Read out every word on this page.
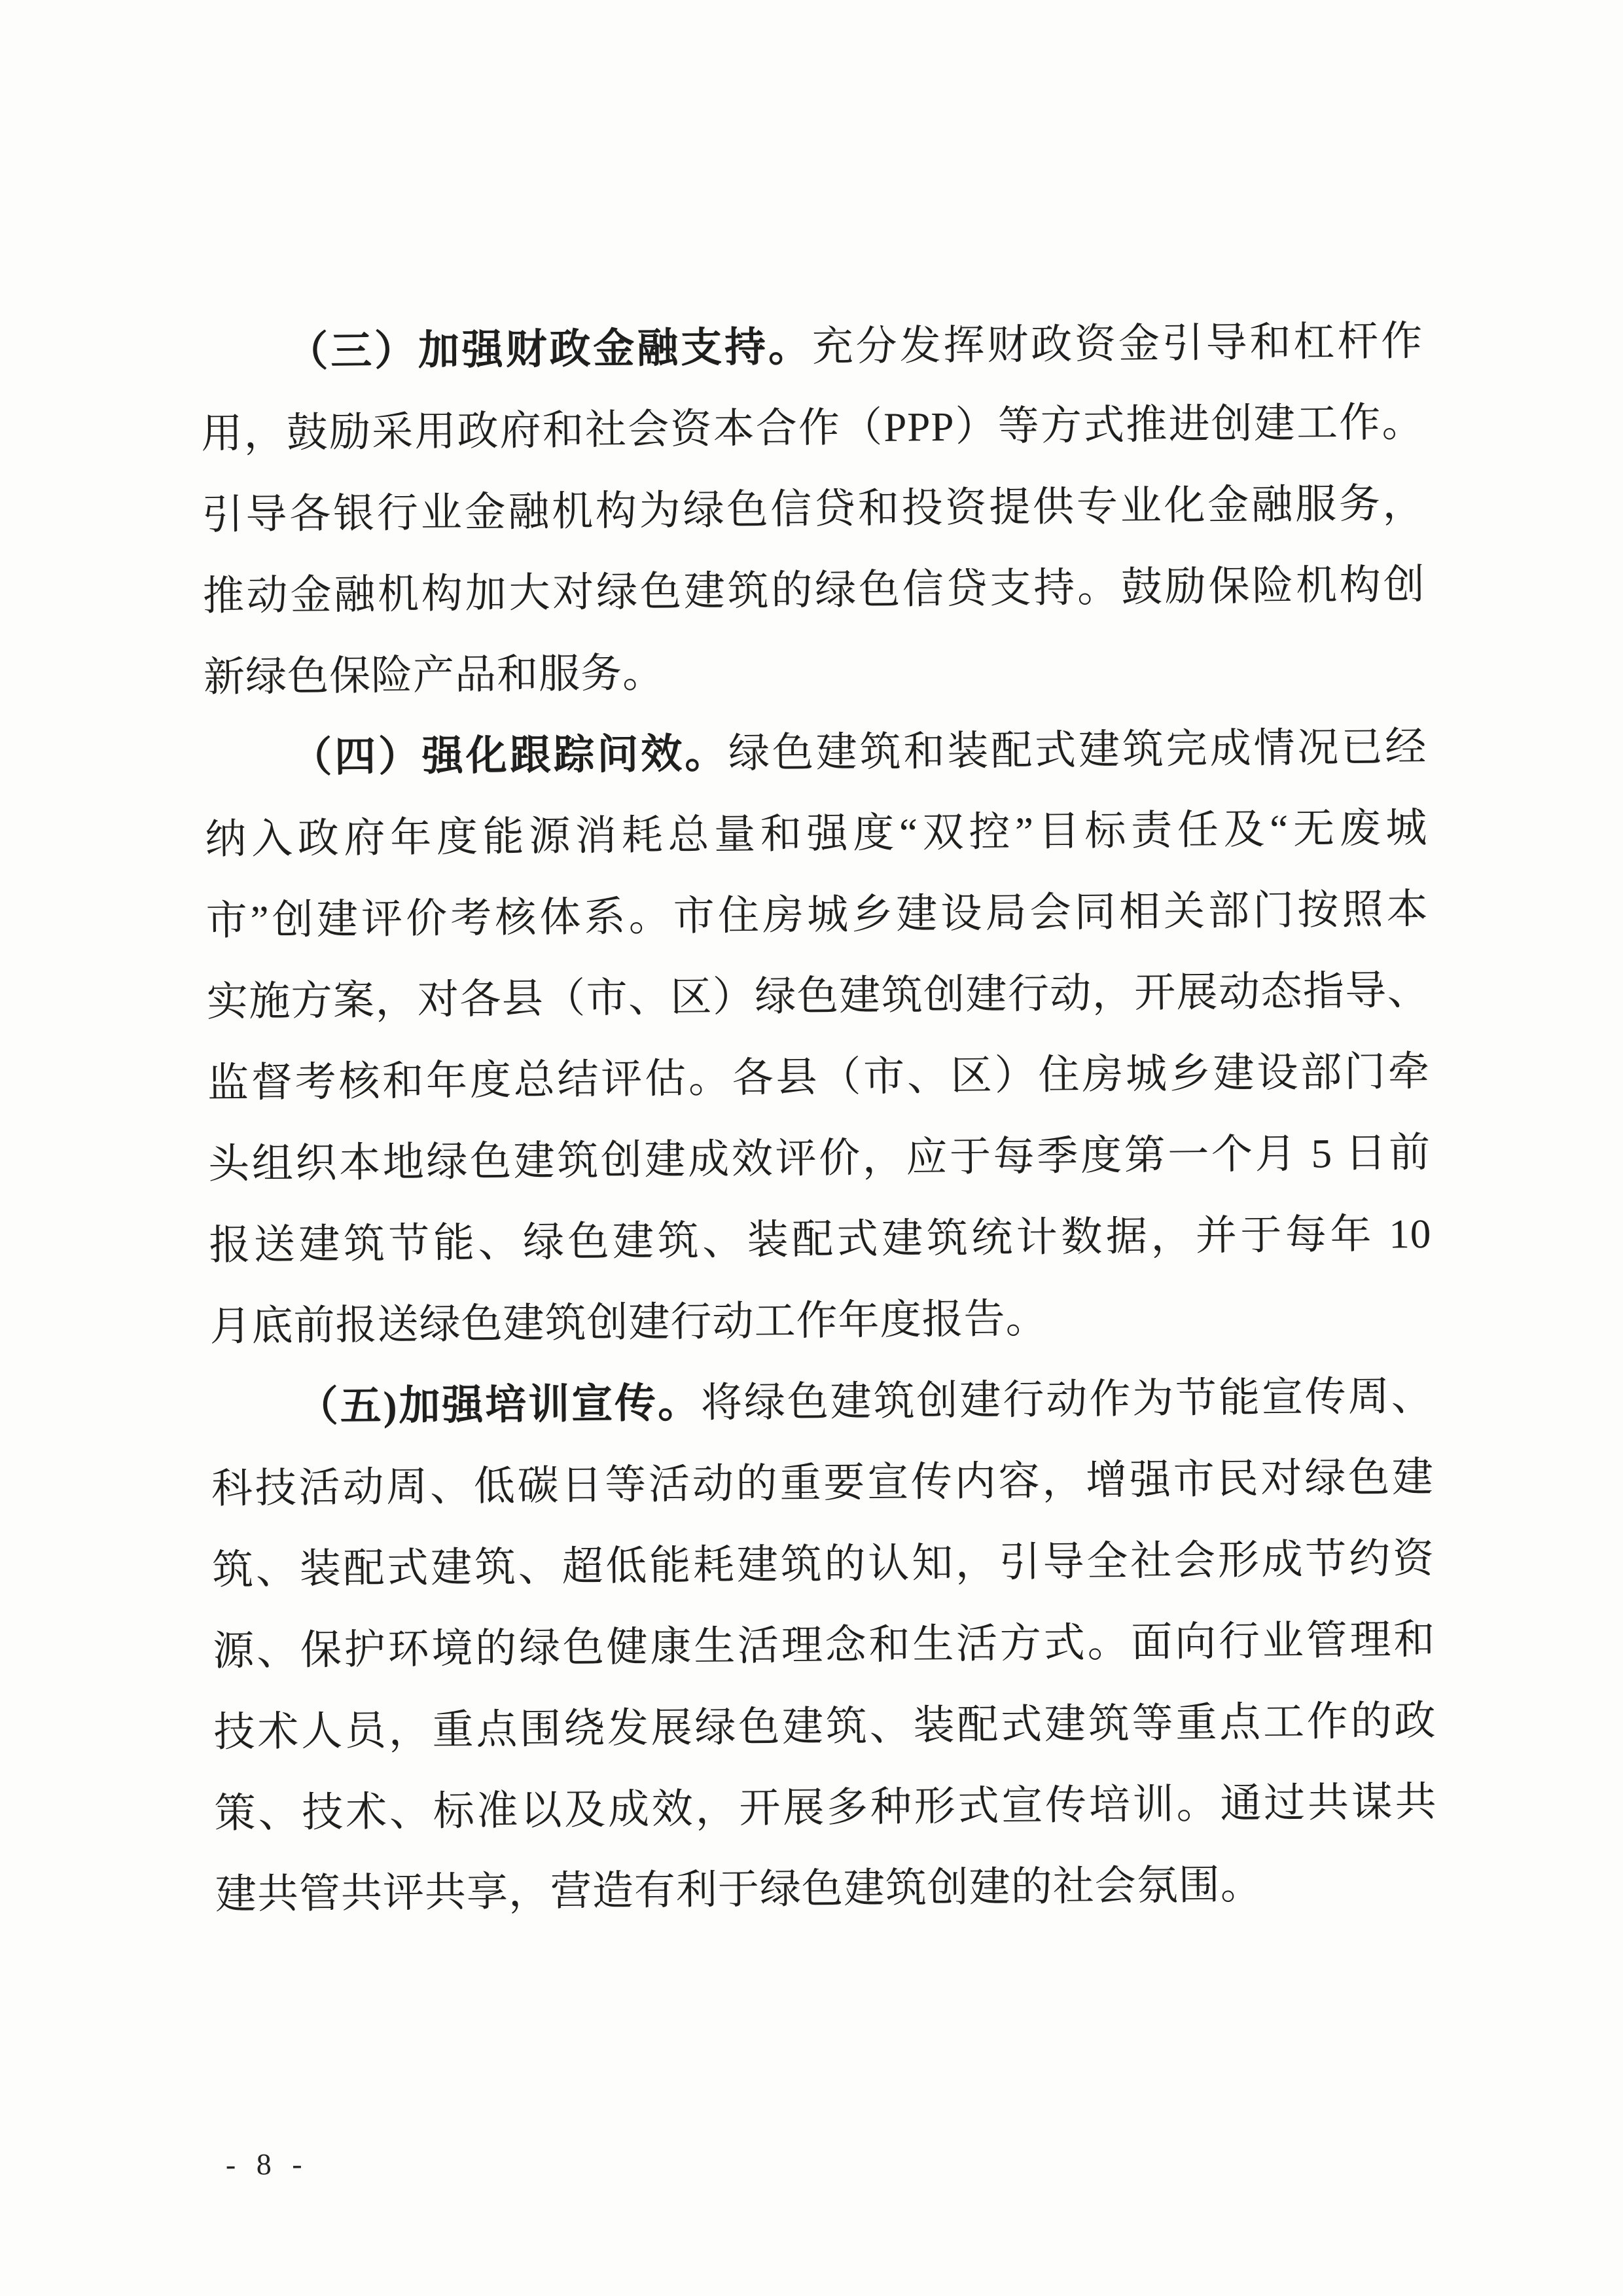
（三）加强财政金融支持。充分发挥财政资金引导和杠杆作
用，鼓励采用政府和社会资本合作（PPP）等方式推进创建工作。
引导各银行业金融机构为绿色信贷和投资提供专业化金融服务，
推动金融机构加大对绿色建筑的绿色信贷支持。鼓励保险机构创
新绿色保险产品和服务。
（四）强化跟踪问效。绿色建筑和装配式建筑完成情况已经
纳入政府年度能源消耗总量和强度“双控”目标责任及“无废城
市”创建评价考核体系。市住房城乡建设局会同相关部门按照本
实施方案，对各县（市、区）绿色建筑创建行动，开展动态指导、
监督考核和年度总结评估。各县（市、区）住房城乡建设部门牵
头组织本地绿色建筑创建成效评价，应于每季度第一个月 5 日前
报送建筑节能、绿色建筑、装配式建筑统计数据，并于每年 10
月底前报送绿色建筑创建行动工作年度报告。
（五)加强培训宣传。将绿色建筑创建行动作为节能宣传周、
科技活动周、低碳日等活动的重要宣传内容，增强市民对绿色建
筑、装配式建筑、超低能耗建筑的认知，引导全社会形成节约资
源、保护环境的绿色健康生活理念和生活方式。面向行业管理和
技术人员，重点围绕发展绿色建筑、装配式建筑等重点工作的政
策、技术、标准以及成效，开展多种形式宣传培训。通过共谋共
建共管共评共享，营造有利于绿色建筑创建的社会氛围。
- 8 -
